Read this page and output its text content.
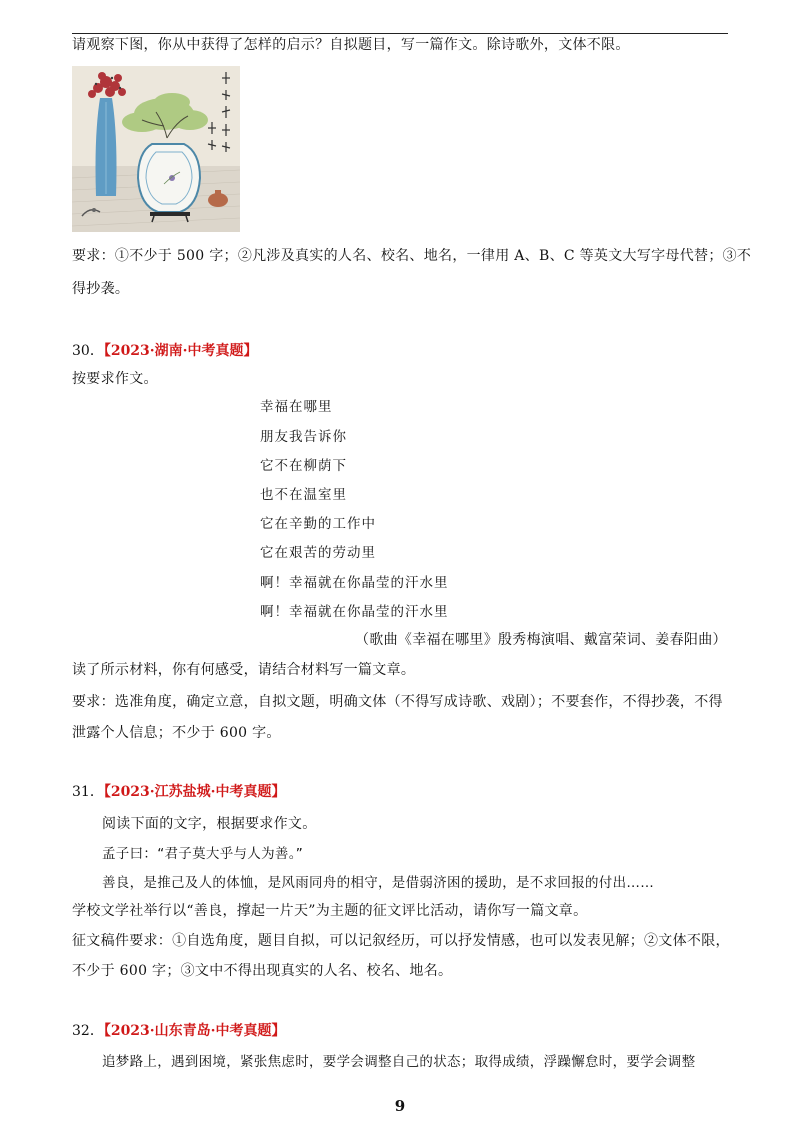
请观察下图，你从中获得了怎样的启示？自拟题目，写一篇作文。除诗歌外，文体不限。
要求：①不少于 500 字；②凡涉及真实的人名、校名、地名，一律用 A、B、C 等英文大写字母代替；③不
得抄袭。
30．【2023·湖南·中考真题】
按要求作文。
幸福在哪里
朋友我告诉你
它不在柳荫下
也不在温室里
它在辛勤的工作中
它在艰苦的劳动里
啊！幸福就在你晶莹的汗水里
啊！幸福就在你晶莹的汗水里
（歌曲《幸福在哪里》殷秀梅演唱、戴富荣词、姜春阳曲）
读了所示材料，你有何感受，请结合材料写一篇文章。
要求：选准角度，确定立意，自拟文题，明确文体（不得写成诗歌、戏剧）；不要套作，不得抄袭，不得
泄露个人信息；不少于 600 字。
31．【2023·江苏盐城·中考真题】
阅读下面的文字，根据要求作文。
孟子曰：“君子莫大乎与人为善。”
善良，是推己及人的体恤，是风雨同舟的相守，是借弱济困的援助，是不求回报的付出……
学校文学社举行以“善良，撑起一片天”为主题的征文评比活动，请你写一篇文章。
征文稿件要求：①自选角度，题目自拟，可以记叙经历，可以抒发情感，也可以发表见解；②文体不限，
不少于 600 字；③文中不得出现真实的人名、校名、地名。
32．【2023·山东青岛·中考真题】
追梦路上，遇到困境，紧张焦虑时，要学会调整自己的状态；取得成绩，浮躁懈怠时，要学会调整
9
